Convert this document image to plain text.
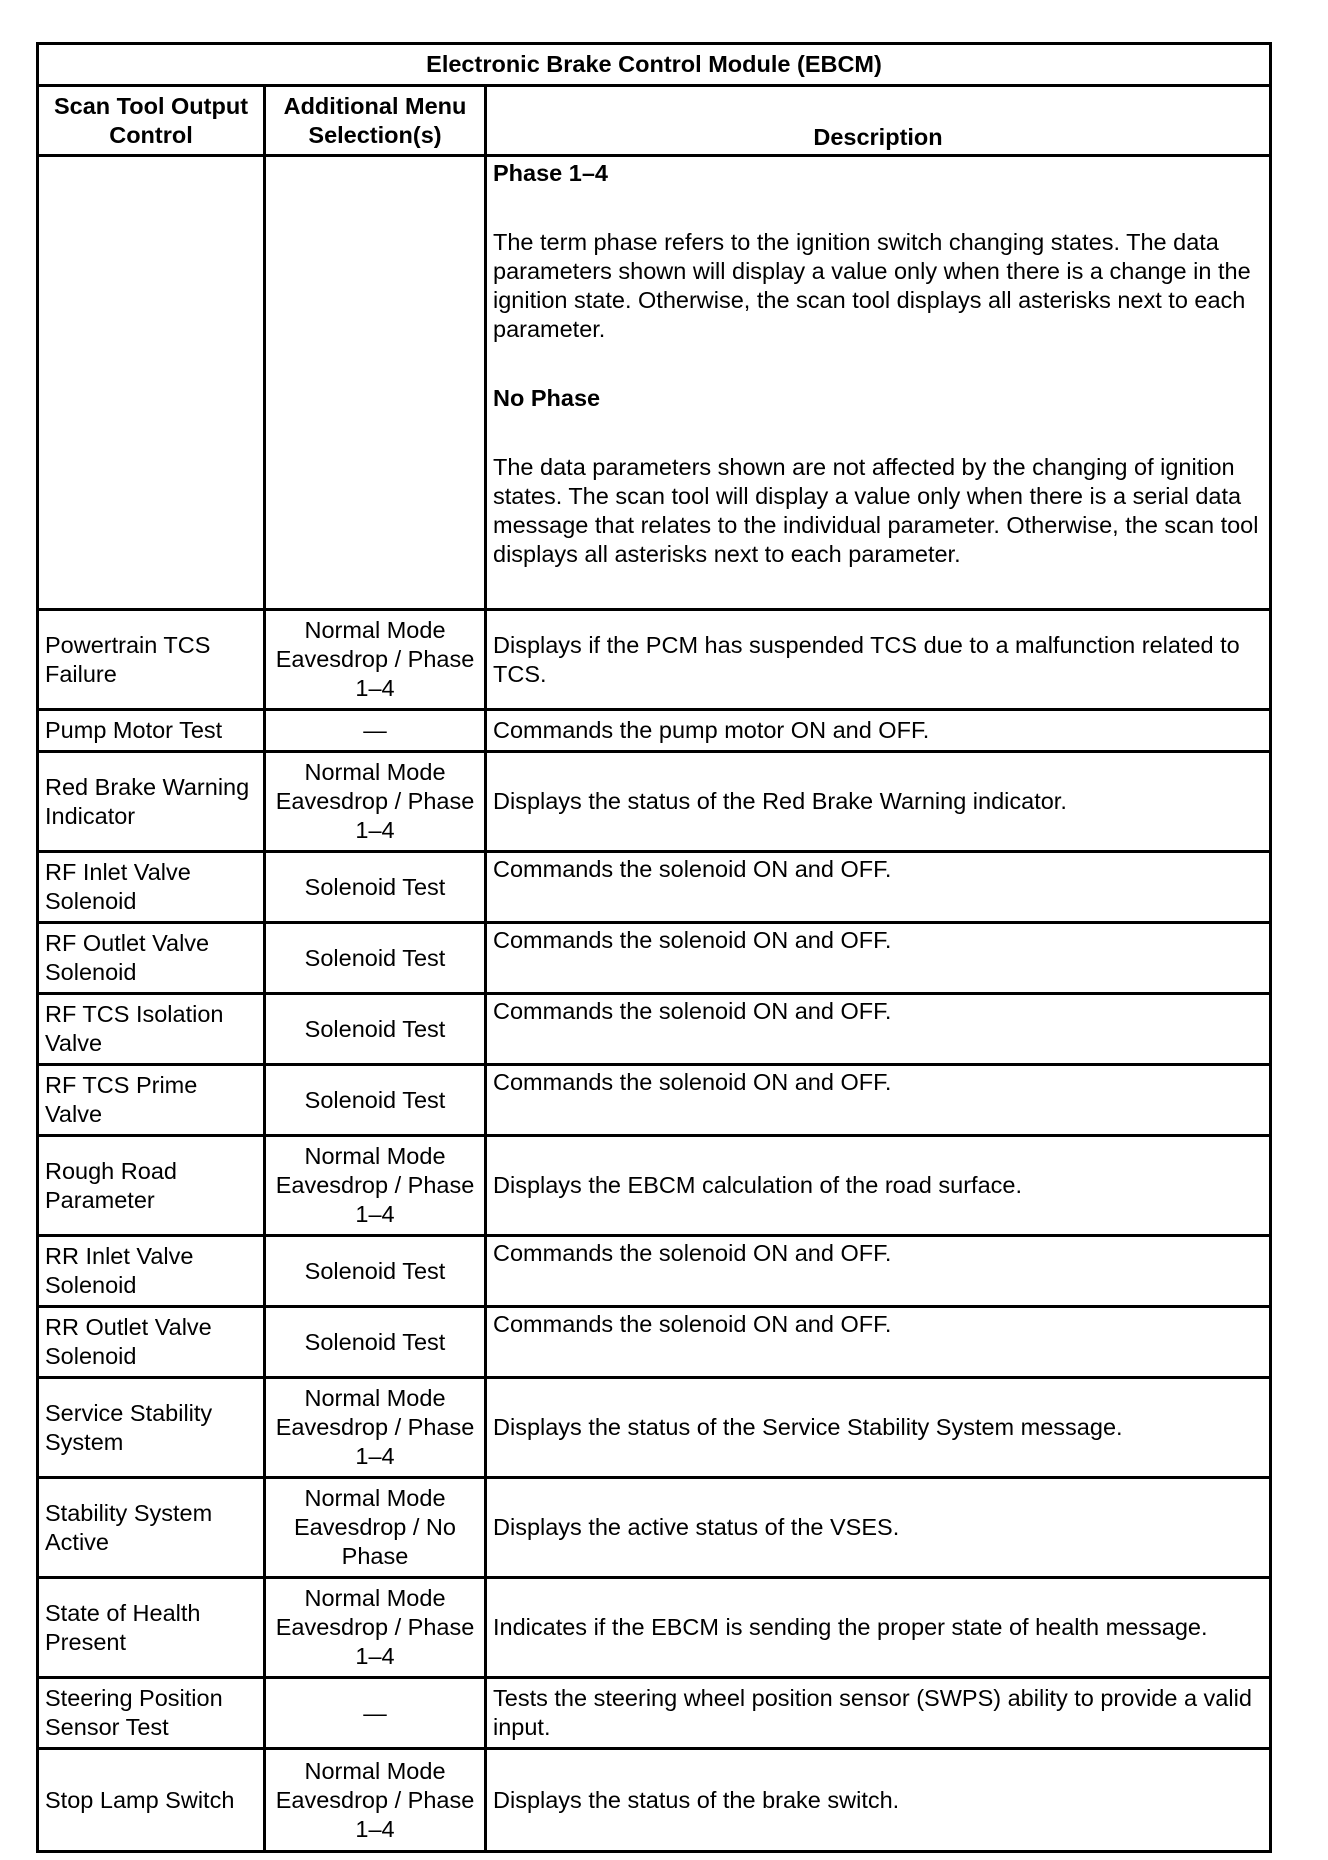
Electronic Brake Control Module (EBCM)		
Scan Tool Output Control	Additional Menu Selection(s)	Description

		Phase 1–4

The term phase refers to the ignition switch changing states. The data parameters shown will display a value only when there is a change in the ignition state. Otherwise, the scan tool displays all asterisks next to each parameter.

No Phase

The data parameters shown are not affected by the changing of ignition states. The scan tool will display a value only when there is a serial data message that relates to the individual parameter. Otherwise, the scan tool displays all asterisks next to each parameter.

Powertrain TCS Failure	Normal Mode Eavesdrop / Phase 1–4	Displays if the PCM has suspended TCS due to a malfunction related to TCS.
Pump Motor Test	—	Commands the pump motor ON and OFF.
Red Brake Warning Indicator	Normal Mode Eavesdrop / Phase 1–4	Displays the status of the Red Brake Warning indicator.
RF Inlet Valve Solenoid	Solenoid Test	Commands the solenoid ON and OFF.
RF Outlet Valve Solenoid	Solenoid Test	Commands the solenoid ON and OFF.
RF TCS Isolation Valve	Solenoid Test	Commands the solenoid ON and OFF.
RF TCS Prime Valve	Solenoid Test	Commands the solenoid ON and OFF.
Rough Road Parameter	Normal Mode Eavesdrop / Phase 1–4	Displays the EBCM calculation of the road surface.
RR Inlet Valve Solenoid	Solenoid Test	Commands the solenoid ON and OFF.
RR Outlet Valve Solenoid	Solenoid Test	Commands the solenoid ON and OFF.
Service Stability System	Normal Mode Eavesdrop / Phase 1–4	Displays the status of the Service Stability System message.
Stability System Active	Normal Mode Eavesdrop / No Phase	Displays the active status of the VSES.
State of Health Present	Normal Mode Eavesdrop / Phase 1–4	Indicates if the EBCM is sending the proper state of health message.
Steering Position Sensor Test	—	Tests the steering wheel position sensor (SWPS) ability to provide a valid input.
Stop Lamp Switch	Normal Mode Eavesdrop / Phase 1–4	Displays the status of the brake switch.
